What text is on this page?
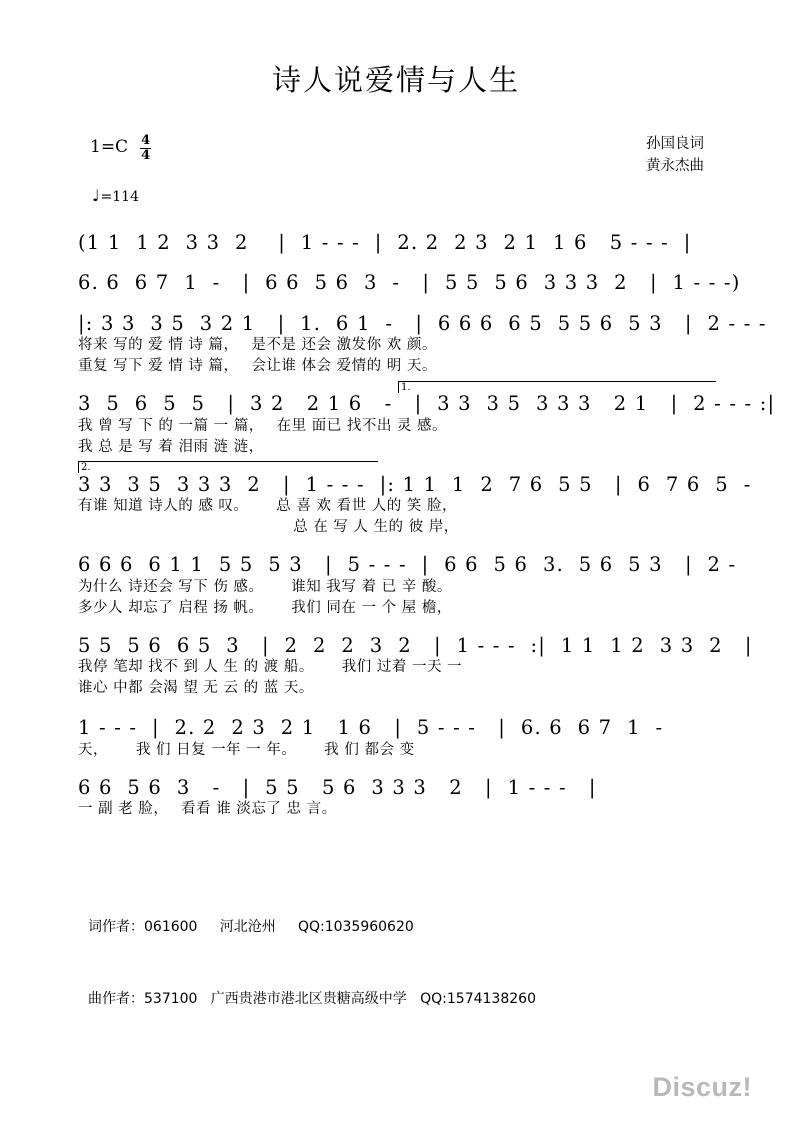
诗人说爱情与人生
$1=C \frac{4}{4}$	孙国良词
黄永杰曲
♩ =114
(1 1  1 2  3 3  2    |  1 - - -  |  2. 2  2 3  2 1  1 6   5 - - -  |
6. 6  6 7  1  -   |  6 6  5 6  3  -   |  5 5  5 6  3 3 3  2   |  1 - - -)
|: 3 3  3 5  3 2 1   |  1.  6 1  -   |  6 6 6  6 5  5 5 6  5 3   |  2 - - -
将来 写的 爱 情 诗 篇，　 是不是 还会 激发你 欢 颜。
重复 写下 爱 情 诗 篇，　 会让谁 体会 爱情的 明 天。
1.
3  5  6  5  5   |  3 2   2 1 6   -   |  3 3  3 5  3 3 3   2 1   |  2 - - - :|
我 曾 写 下 的 一篇 一 篇，　 在里 面已 找不出 灵 感。
我 总 是 写 着 泪雨 涟 涟，
2.
3 3  3 5  3 3 3  2   |  1 - - -  |: 1 1  1  2  7 6  5 5   |  6  7 6  5  -
有谁 知道 诗人的 感 叹。　　 总 喜 欢 看世 人的 笑 脸，
　　　　　　　　　　　　　　 总 在 写 人 生的 彼 岸，
6 6 6  6 1 1  5 5  5 3   |  5 - - -  |  6 6  5 6  3.  5 6  5 3   |  2 -
为什么 诗还会 写下 伤 感。　　 谁知 我写 着 已 辛 酸。
多少人 却忘了 启程 扬 帆。　　 我们 同在 一 个 屋 檐，
5 5  5 6  6 5  3   |  2  2  2  3  2   |  1 - - -  :|  1 1  1 2  3 3  2   |
我停 笔却 找不 到 人 生 的 渡 船。　　 我们 过着 一天 一
谁心 中都 会渴 望 无 云 的 蓝 天。
1 - - -  |  2. 2  2 3  2 1   1 6   |  5 - - -   |  6. 6  6 7  1  -
天，　　 我 们 日复 一年 一 年。　　 我 们 都会 变
6 6  5 6  3   -   |  5 5   5 6  3 3 3   2   |  1 - - -   |
一 副 老 脸，　 看看 谁 淡忘了 忠 言。

词作者：061600     河北沧州     QQ:1035960620

曲作者：537100   广西贵港市港北区贵糖高级中学   QQ:1574138260

Discuz!
